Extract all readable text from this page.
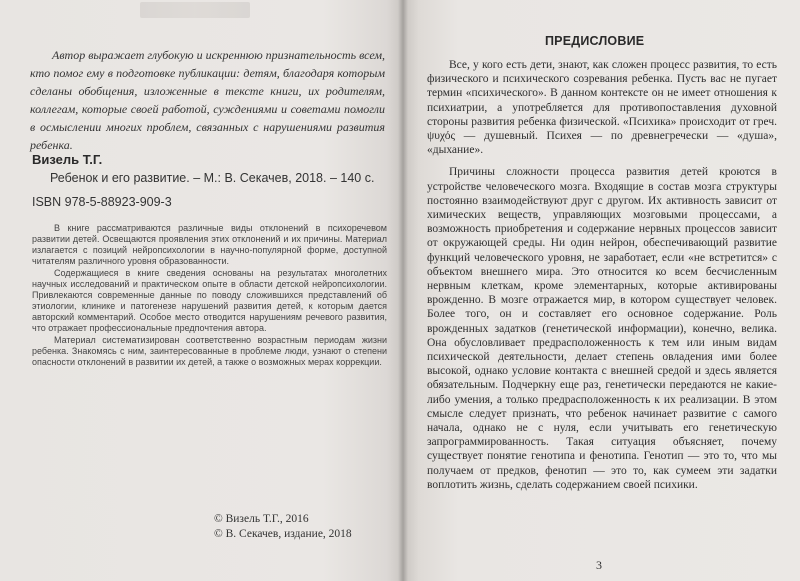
Автор выражает глубокую и искреннюю признательность всем, кто помог ему в подготовке публикации: детям, благодаря которым сделаны обобщения, изложенные в тексте книги, их родителям, коллегам, которые своей работой, суждениями и советами помогли в осмыслении многих проблем, связанных с нарушениями развития ребенка.
Визель Т.Г.
Ребенок и его развитие. – М.: В. Секачев, 2018. – 140 с.
ISBN 978-5-88923-909-3

В книге рассматриваются различные виды отклонений в психоречевом развитии детей. Освещаются проявления этих отклонений и их причины. Материал излагается с позиций нейропсихологии в научно-популярной форме, доступной читателям различного уровня образованности.

Содержащиеся в книге сведения основаны на результатах многолетних научных исследований и практическом опыте в области детской нейропсихологии. Привлекаются современные данные по поводу сложившихся представлений об этиологии, клинике и патогенезе нарушений развития детей, к которым дается авторский комментарий. Особое место отводится нарушениям речевого развития, что отражает профессиональные предпочтения автора.

Материал систематизирован соответственно возрастным периодам жизни ребенка. Знакомясь с ним, заинтересованные в проблеме люди, узнают о степени опасности отклонений в развитии их детей, а также о возможных мерах коррекции.

© Визель Т.Г., 2016
© В. Секачев, издание, 2018
ПРЕДИСЛОВИЕ

Все, у кого есть дети, знают, как сложен процесс развития, то есть физического и психического созревания ребенка. Пусть вас не пугает термин «психического». В данном контексте он не имеет отношения к психиатрии, а употребляется для противопоставления духовной стороны развития ребенка физической. «Психика» происходит от греч. ψυχός — душевный. Психея — по древнегречески — «душа», «дыхание».

Причины сложности процесса развития детей кроются в устройстве человеческого мозга. Входящие в состав мозга структуры постоянно взаимодействуют друг с другом. Их активность зависит от химических веществ, управляющих мозговыми процессами, а возможность приобретения и содержание нервных процессов зависит от окружающей среды. Ни один нейрон, обеспечивающий развитие функций человеческого уровня, не заработает, если «не встретится» с объектом внешнего мира. Это относится ко всем бесчисленным нервным клеткам, кроме элементарных, которые активированы врожденно. В мозге отражается мир, в котором существует человек. Более того, он и составляет его основное содержание. Роль врожденных задатков (генетической информации), конечно, велика. Она обусловливает предрасположенность к тем или иным видам психической деятельности, делает степень овладения ими более высокой, однако условие контакта с внешней средой и здесь является обязательным. Подчеркну еще раз, генетически передаются не какие-либо умения, а только предрасположенность к их реализации. В этом смысле следует признать, что ребенок начинает развитие с самого начала, однако не с нуля, если учитывать его генетическую запрограммированность. Такая ситуация объясняет, почему существует понятие генотипа и фенотипа. Генотип — это то, что мы получаем от предков, фенотип — это то, как сумеем эти задатки воплотить жизнь, сделать содержанием своей психики.

3
